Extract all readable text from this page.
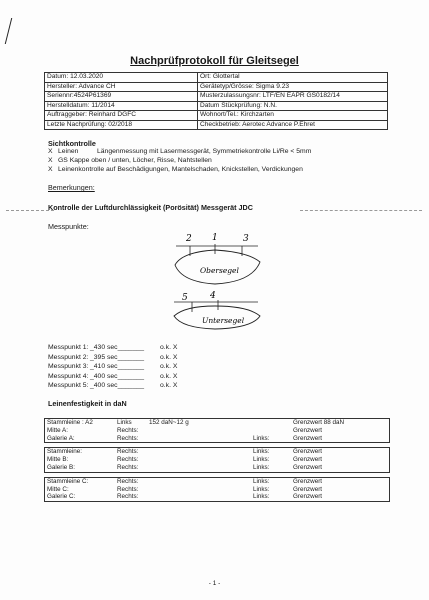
Nachprüfprotokoll für Gleitsegel
Datum: 12.03.2020	Ort: Glottertal
Hersteller: Advance CH	Gerätetyp/Grösse: Sigma 9.23
Seriennr:4524P61369	Musterzulassungsnr: LTF/EN EAPR GS0182/14
Herstelldatum: 11/2014	Datum Stückprüfung: N.N.
Auftraggeber: Reinhard DGFC	Wohnort/Tel.: Kirchzarten
Letzte Nachprüfung: 02/2018	Checkbetrieb: Aerotec Advance P.Ehret
Sichtkontrolle
X Leinen	Längenmessung mit Lasermessgerät, Symmetriekontrolle Li/Re < 5mm
X GS Kappe oben / unten, Löcher, Risse, Nahtstellen
X Leinenkontrolle auf Beschädigungen, Mantelschaden, Knickstellen, Verdickungen
Bemerkungen:
Kontrolle der Luftdurchlässigkeit (Porösität) Messgerät JDC
Messpunkte:
2 1	3
Obersegel
5 4
Untersegel
Messpunkt 1: _430 sec_______ o.k. X
Messpunkt 2: _395 sec_______ o.k. X
Messpunkt 3: _410 sec_______ o.k. X
Messpunkt 4: _400 sec_______ o.k. X
Messpunkt 5: _400 sec_______ o.k. X
Leinenfestigkeit in daN
Stammleine : A2	Links	152 daN~12 g		Grenzwert 88 daN
Mitte A:	Rechts:			Grenzwert
Galerie A:	Rechts:		Links:	Grenzwert

Stammleine:	Rechts:		Links:	Grenzwert
Mitte B:	Rechts:		Links:	Grenzwert
Galerie B:	Rechts:		Links:	Grenzwert

Stammleine C:	Rechts:		Links:	Grenzwert
Mitte C:	Rechts:		Links:	Grenzwert
Galerie C:	Rechts:		Links:	Grenzwert
- 1 -
